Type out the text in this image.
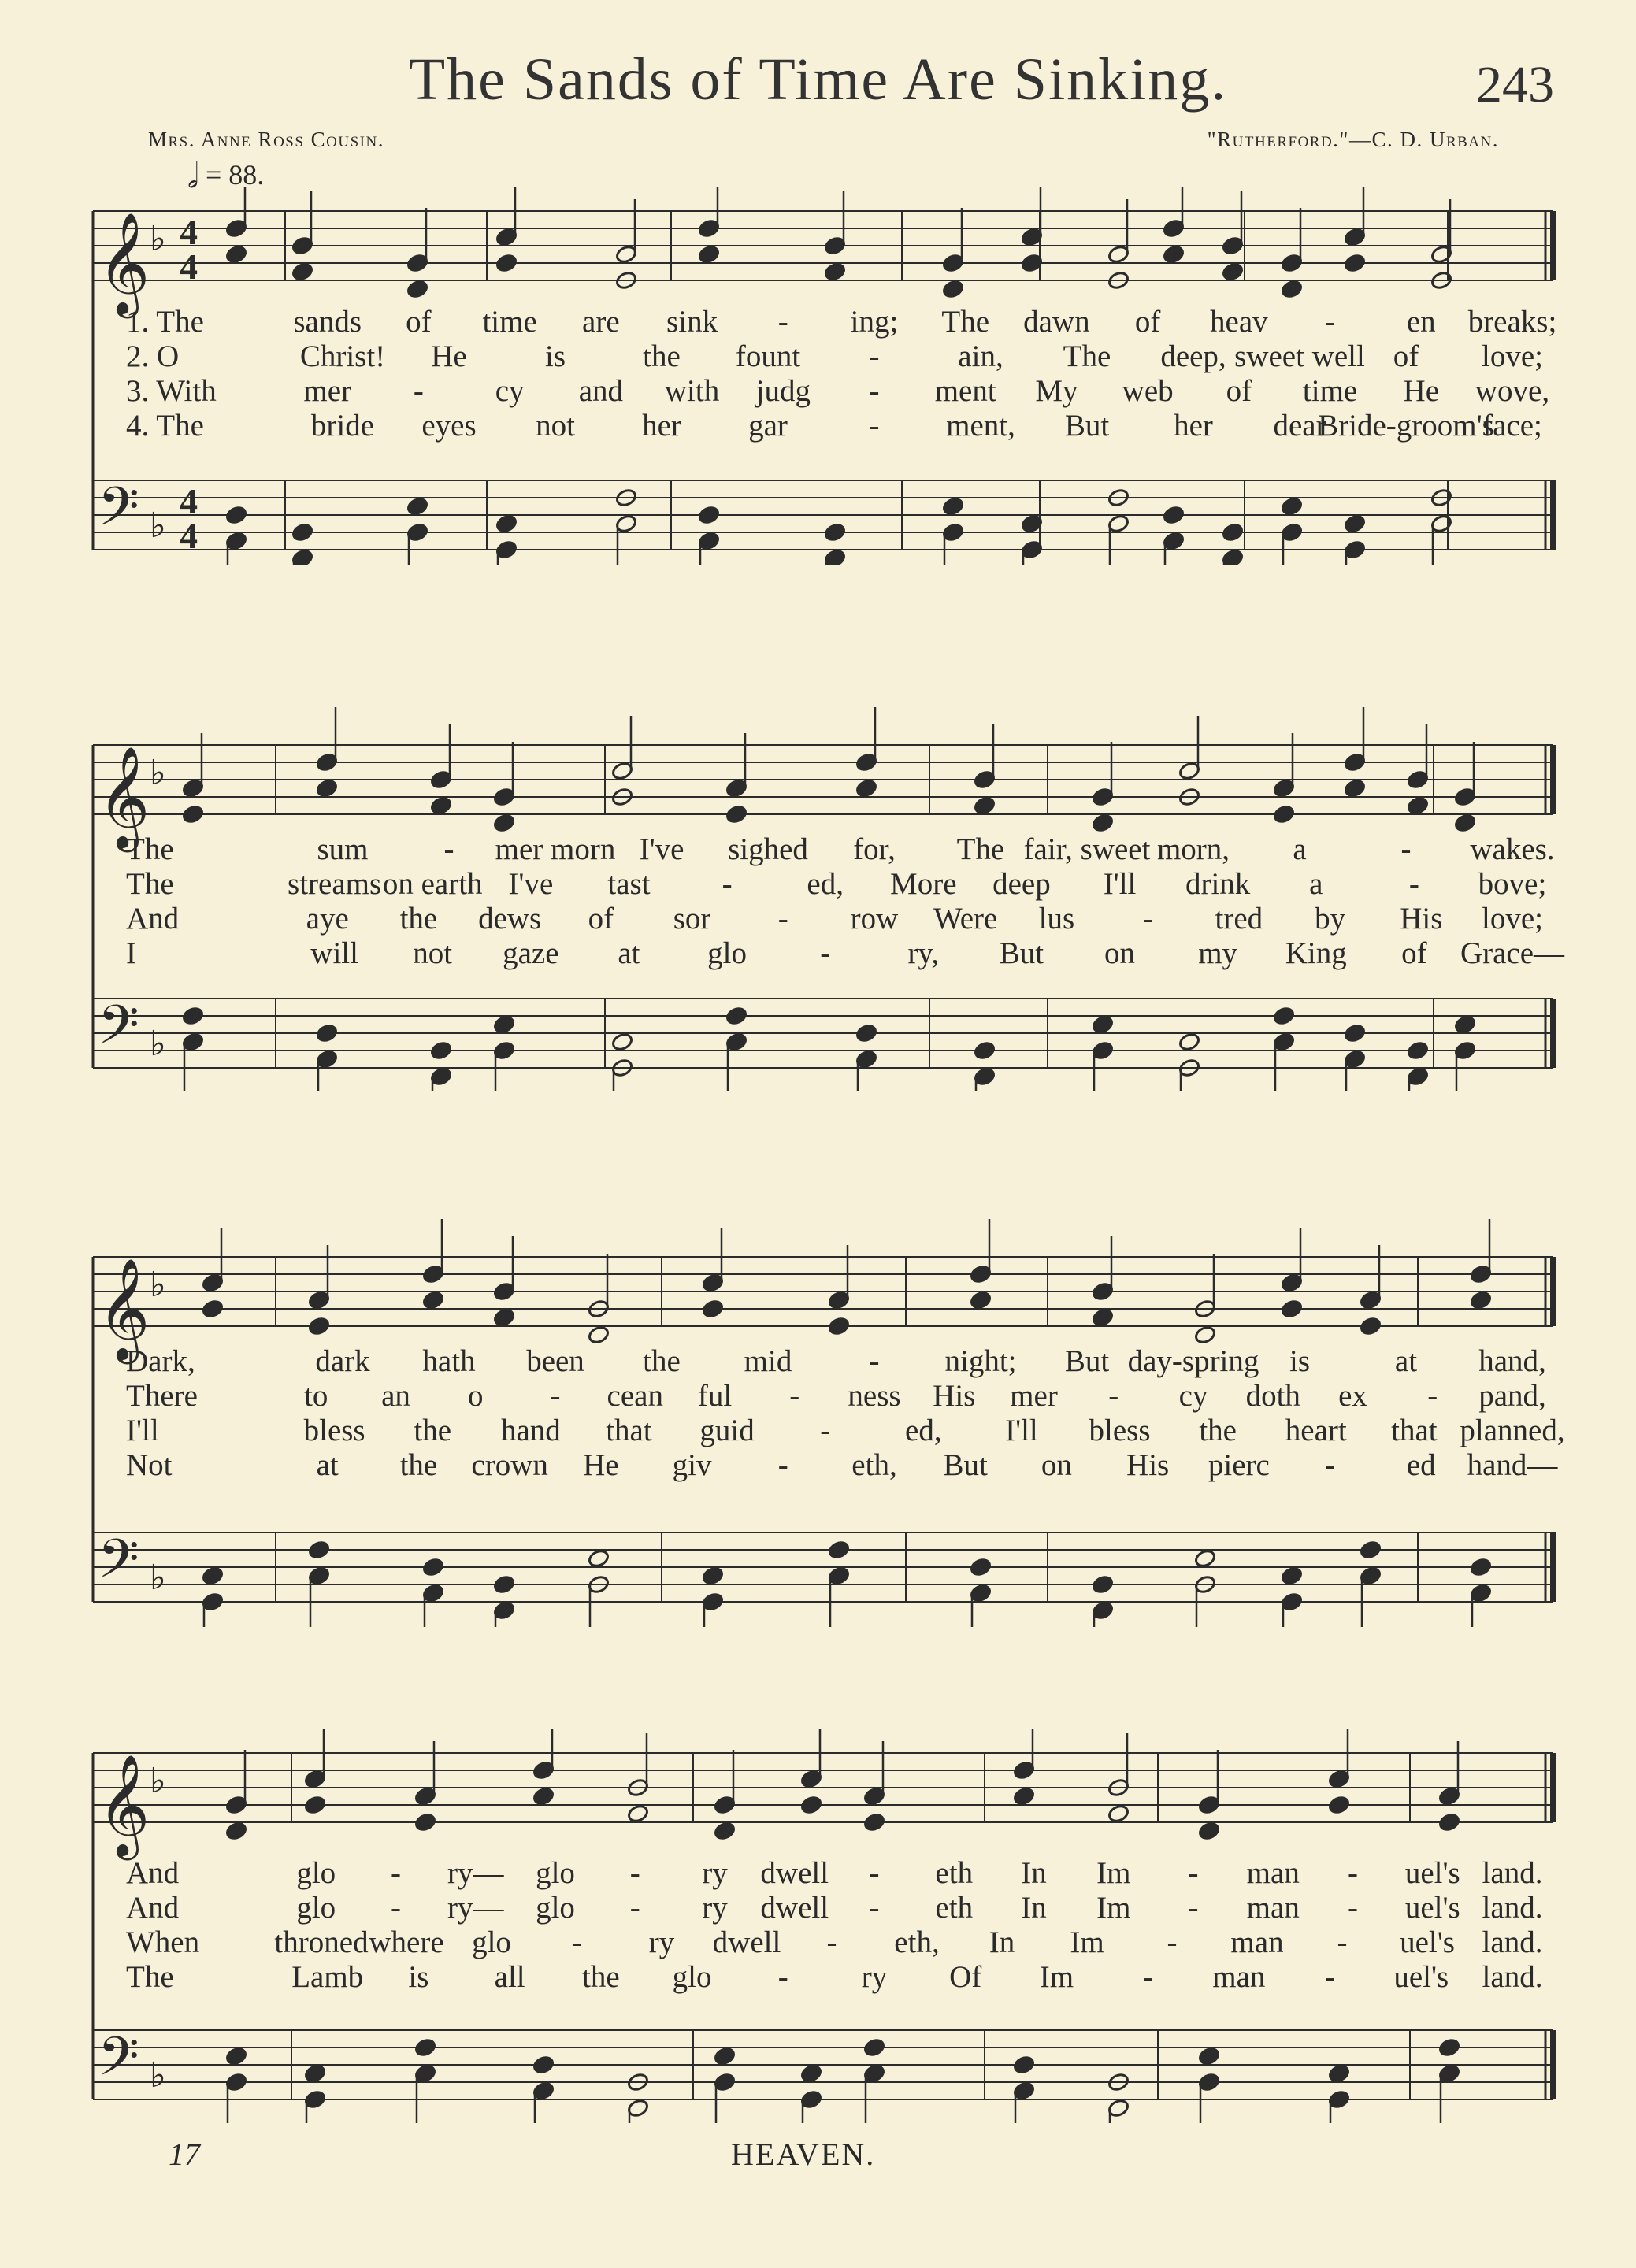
The Sands of Time Are Sinking.	243
Mrs. Anne Ross Cousin.	"Rutherford."—C. D. Urban.
𝅗𝅥 = 88.
𝄞
𝄢
♭
♭
4
4
4
4
1. The	sands of time are sink - ing; The dawn of heav - en breaks;
2. O	Christ! He	is	the fount -	ain, The deep, sweet well of love;
3. With	mer - cy and with judg - ment My web of time He wove,
4. The	bride eyes not her gar	- ment, But her dear
Bride-groom's
face;
𝄞
𝄢
♭
♭
The	sum - mer morn I've sighed for, The fair, sweet morn, a	- wakes.
The	streams on earth I've tast - ed, More deep I'll drink a	- bove;
And	aye the dews of sor - row Were lus - tred by His love;
I	will not gaze at glo -	ry, But on my King of Grace—
𝄞
𝄢
♭
♭
Dark,	dark hath been the mid	- night; But day-spring is	at hand,
There	to an o - cean ful - ness His mer - cy doth ex - pand,
I'll	bless the hand that guid - ed, I'll bless the heart that planned,
Not	at the crown He giv - eth, But on His pierc - ed hand—
𝄞
𝄢
♭
♭
And	glo - ry— glo - ry dwell - eth In Im - man - uel's land.
And	glo - ry— glo - ry dwell - eth In Im - man - uel's land.
When throned where glo - ry dwell - eth, In Im - man - uel's land.
The	Lamb is all the glo - ry Of Im - man - uel's land.
17	HEAVEN.
